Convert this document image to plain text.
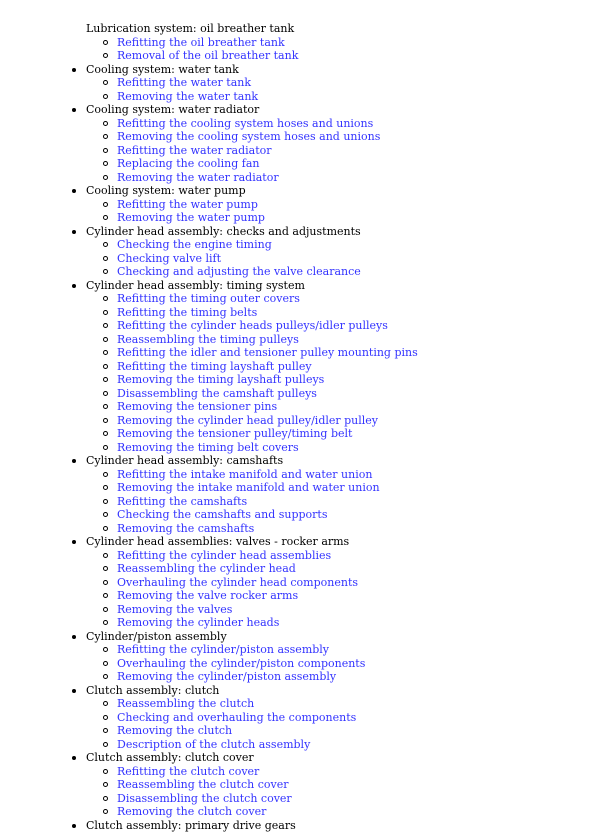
Lubrication system: oil breather tank
Refitting the oil breather tank
Removal of the oil breather tank
Cooling system: water tank
Refitting the water tank
Removing the water tank
Cooling system: water radiator
Refitting the cooling system hoses and unions
Removing the cooling system hoses and unions
Refitting the water radiator
Replacing the cooling fan
Removing the water radiator
Cooling system: water pump
Refitting the water pump
Removing the water pump
Cylinder head assembly: checks and adjustments
Checking the engine timing
Checking valve lift
Checking and adjusting the valve clearance
Cylinder head assembly: timing system
Refitting the timing outer covers
Refitting the timing belts
Refitting the cylinder heads pulleys/idler pulleys
Reassembling the timing pulleys
Refitting the idler and tensioner pulley mounting pins
Refitting the timing layshaft pulley
Removing the timing layshaft pulleys
Disassembling the camshaft pulleys
Removing the tensioner pins
Removing the cylinder head pulley/idler pulley
Removing the tensioner pulley/timing belt
Removing the timing belt covers
Cylinder head assembly: camshafts
Refitting the intake manifold and water union
Removing the intake manifold and water union
Refitting the camshafts
Checking the camshafts and supports
Removing the camshafts
Cylinder head assemblies: valves - rocker arms
Refitting the cylinder head assemblies
Reassembling the cylinder head
Overhauling the cylinder head components
Removing the valve rocker arms
Removing the valves
Removing the cylinder heads
Cylinder/piston assembly
Refitting the cylinder/piston assembly
Overhauling the cylinder/piston components
Removing the cylinder/piston assembly
Clutch assembly: clutch
Reassembling the clutch
Checking and overhauling the components
Removing the clutch
Description of the clutch assembly
Clutch assembly: clutch cover
Refitting the clutch cover
Reassembling the clutch cover
Disassembling the clutch cover
Removing the clutch cover
Clutch assembly: primary drive gears
